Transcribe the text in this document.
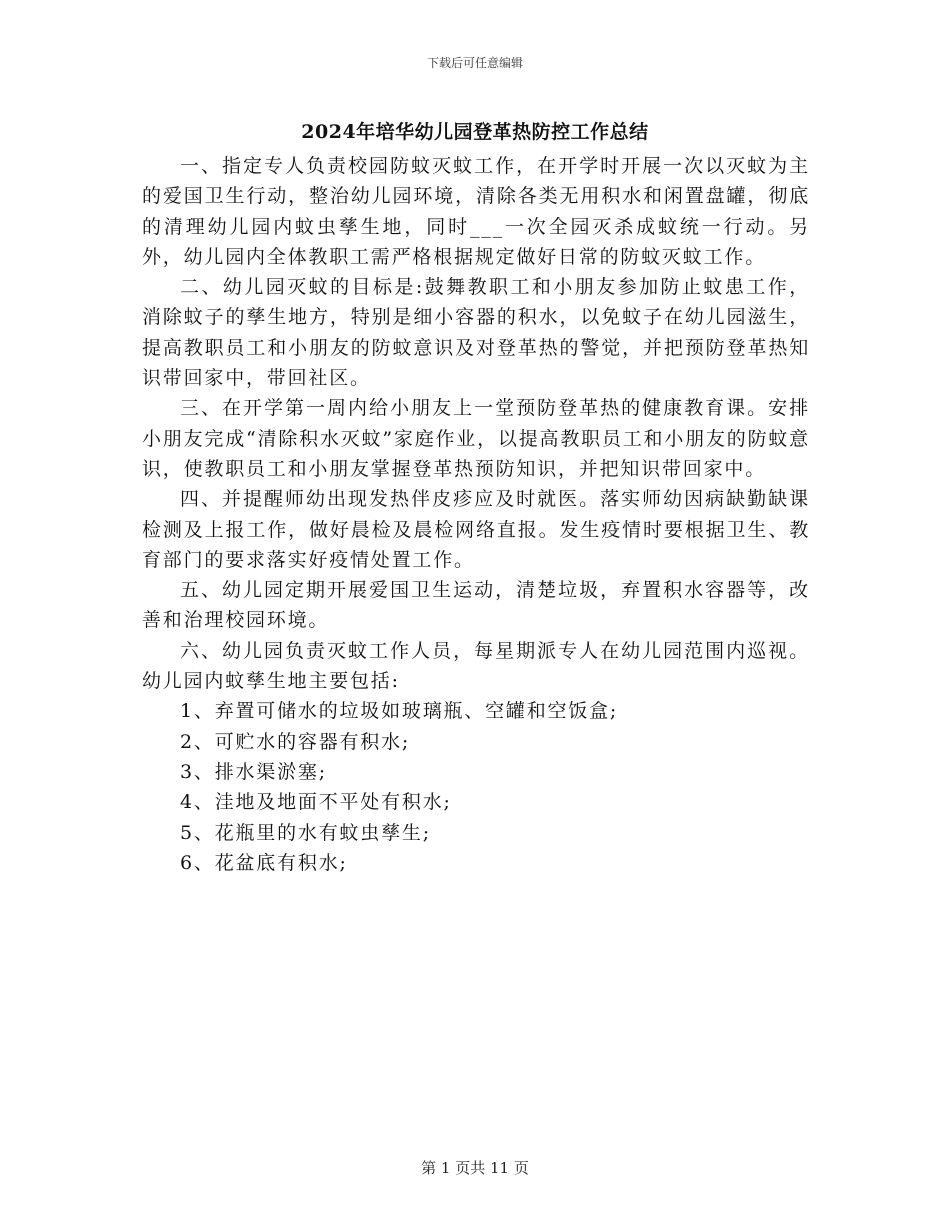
下载后可任意编辑
2024年培华幼儿园登革热防控工作总结

一、指定专人负责校园防蚊灭蚊工作，在开学时开展一次以灭蚊为主的爱国卫生行动，整治幼儿园环境，清除各类无用积水和闲置盘罐，彻底的清理幼儿园内蚊虫孳生地，同时___一次全园灭杀成蚊统一行动。另外，幼儿园内全体教职工需严格根据规定做好日常的防蚊灭蚊工作。

二、幼儿园灭蚊的目标是:鼓舞教职工和小朋友参加防止蚊患工作，消除蚊子的孳生地方，特别是细小容器的积水，以免蚊子在幼儿园滋生，提高教职员工和小朋友的防蚊意识及对登革热的警觉，并把预防登革热知识带回家中，带回社区。

三、在开学第一周内给小朋友上一堂预防登革热的健康教育课。安排小朋友完成“清除积水灭蚊”家庭作业，以提高教职员工和小朋友的防蚊意识，使教职员工和小朋友掌握登革热预防知识，并把知识带回家中。

四、并提醒师幼出现发热伴皮疹应及时就医。落实师幼因病缺勤缺课检测及上报工作，做好晨检及晨检网络直报。发生疫情时要根据卫生、教育部门的要求落实好疫情处置工作。

五、幼儿园定期开展爱国卫生运动，清楚垃圾，弃置积水容器等，改善和治理校园环境。

六、幼儿园负责灭蚊工作人员，每星期派专人在幼儿园范围内巡视。幼儿园内蚊孳生地主要包括:

1、弃置可储水的垃圾如玻璃瓶、空罐和空饭盒;

2、可贮水的容器有积水;

3、排水渠淤塞;

4、洼地及地面不平处有积水;

5、花瓶里的水有蚊虫孳生;

6、花盆底有积水;

第 1 页共 11 页
